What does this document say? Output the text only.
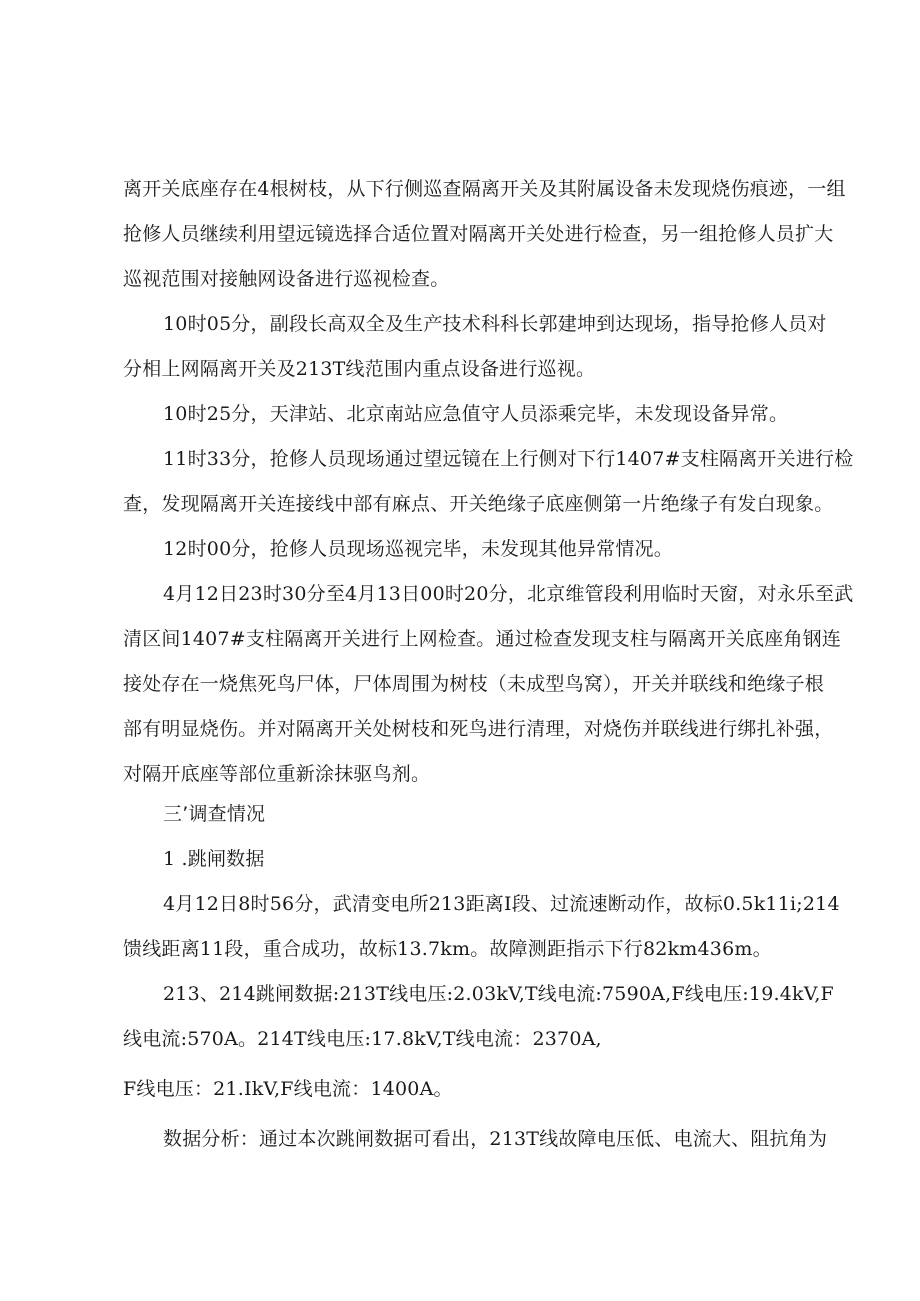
离开关底座存在4根树枝，从下行侧巡查隔离开关及其附属设备未发现烧伤痕迹，一组
抢修人员继续利用望远镜选择合适位置对隔离开关处进行检查，另一组抢修人员扩大
巡视范围对接触网设备进行巡视检查。
10时05分，副段长高双全及生产技术科科长郭建坤到达现场，指导抢修人员对
分相上网隔离开关及213T线范围内重点设备进行巡视。
10时25分，天津站、北京南站应急值守人员添乘完毕，未发现设备异常。
11时33分，抢修人员现场通过望远镜在上行侧对下行1407#支柱隔离开关进行检
查，发现隔离开关连接线中部有麻点、开关绝缘子底座侧第一片绝缘子有发白现象。
12时00分，抢修人员现场巡视完毕，未发现其他异常情况。
4月12日23时30分至4月13日00时20分，北京维管段利用临时天窗，对永乐至武
清区间1407#支柱隔离开关进行上网检查。通过检查发现支柱与隔离开关底座角钢连
接处存在一烧焦死鸟尸体，尸体周围为树枝（未成型鸟窝），开关并联线和绝缘子根
部有明显烧伤。并对隔离开关处树枝和死鸟进行清理，对烧伤并联线进行绑扎补强，
对隔开底座等部位重新涂抹驱鸟剂。
三’调查情况
1 .跳闸数据
4月12日8时56分，武清变电所213距离I段、过流速断动作，故标0.5k11i;214
馈线距离11段，重合成功，故标13.7km。故障测距指示下行82km436m。
213、214跳闸数据:213T线电压:2.03kV,T线电流:7590A,F线电压:19.4kV,F
线电流:570A。214T线电压:17.8kV,T线电流：2370A,
F线电压：21.IkV,F线电流：1400A。
数据分析：通过本次跳闸数据可看出，213T线故障电压低、电流大、阻抗角为
